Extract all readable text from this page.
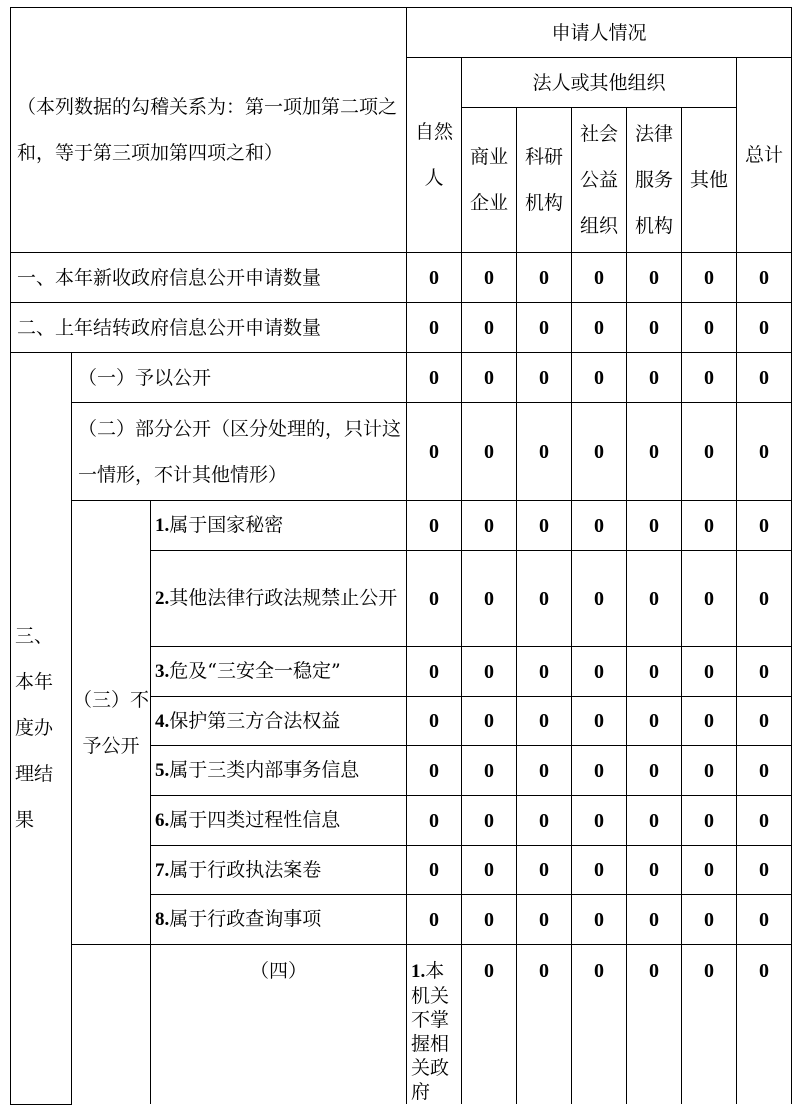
（本列数据的勾稽关系为：第一项加第二项之和，等于第三项加第四项之和）			申请人情况							
			自然人	法人或其他组织					总计	
				商业企业	科研机构	社会公益组织	法律服务机构	其他		
一、本年新收政府信息公开申请数量			0	0	0	0	0	0	0	
二、上年结转政府信息公开申请数量			0	0	0	0	0	0	0	
三、本年度办理结果	（一）予以公开		0	0	0	0	0	0	0	
	（二）部分公开（区分处理的，只计这一情形，不计其他情形）		0	0	0	0	0	0	0	
	（三）不予公开	1.属于国家秘密	0	0	0	0	0	0	0	
		2.其他法律行政法规禁止公开	0	0	0	0	0	0	0	
		3.危及“三安全一稳定”	0	0	0	0	0	0	0	
		4.保护第三方合法权益	0	0	0	0	0	0	0	
		5.属于三类内部事务信息	0	0	0	0	0	0	0	
		6.属于四类过程性信息	0	0	0	0	0	0	0	
		7.属于行政执法案卷	0	0	0	0	0	0	0	
		8.属于行政查询事项	0	0	0	0	0	0	0	
		（四）	1.本机关不掌握相关政府	0	0	0	0	0	0	
